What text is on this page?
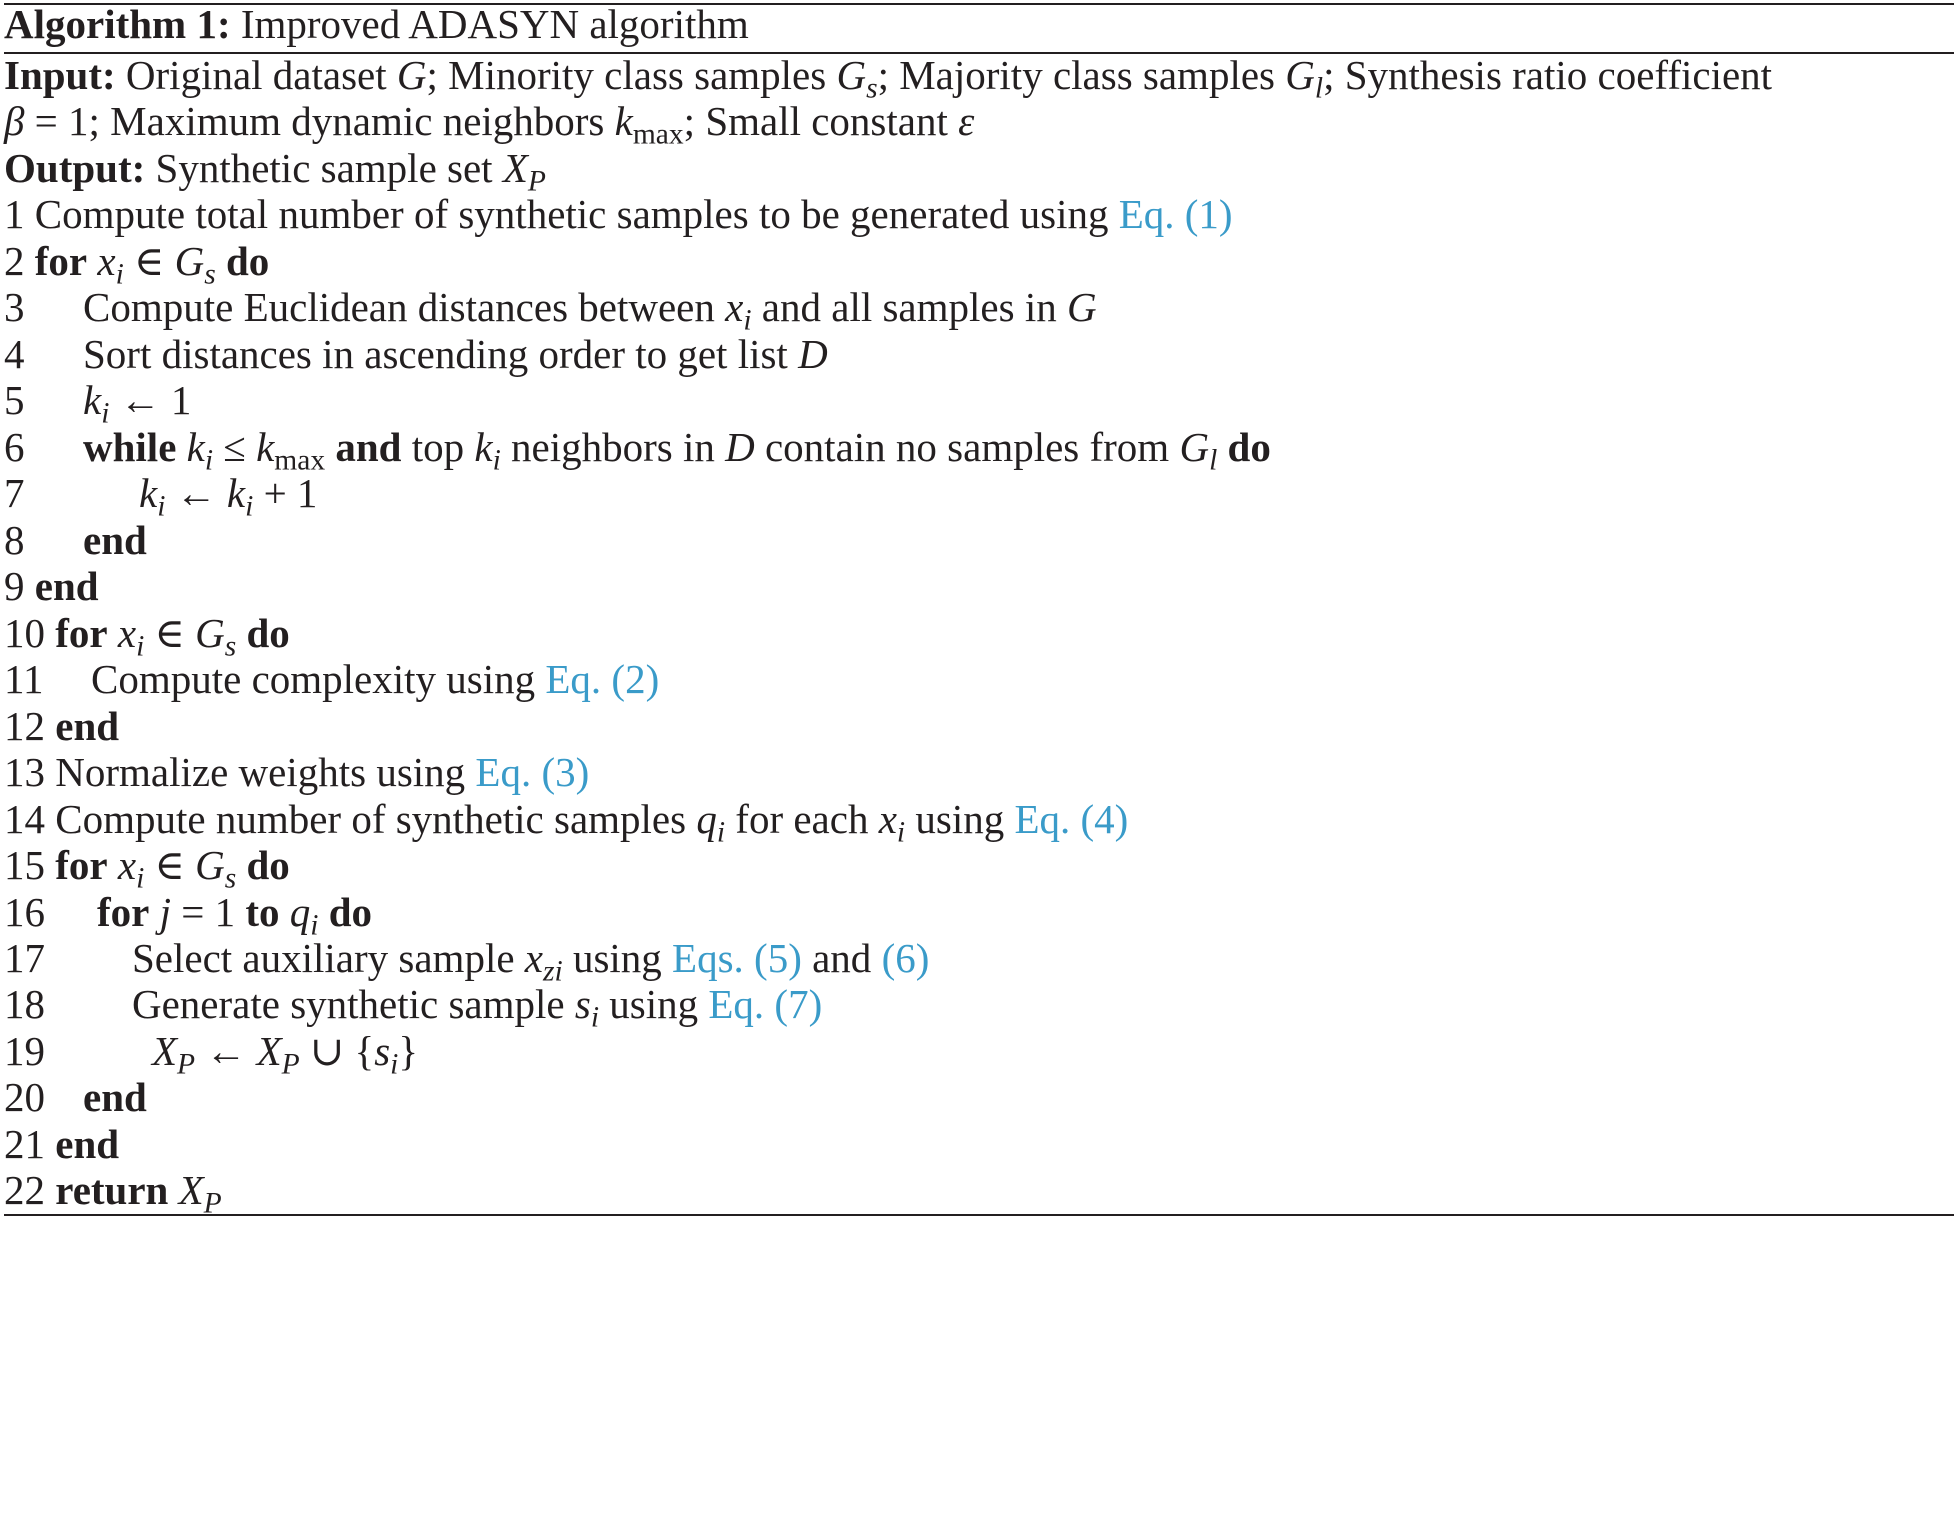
Algorithm 1: Improved ADASYN algorithm
Input: Original dataset G; Minority class samples $G_s$; Majority class samples $G_l$; Synthesis ratio coefficient
β = 1; Maximum dynamic neighbors $k_{max}$; Small constant ε
Output: Synthetic sample set $X_P$
1 Compute total number of synthetic samples to be generated using Eq. (1)
2 for $x_i$ ∈ $G_s$ do
3 Compute Euclidean distances between $x_i$ and all samples in G
4 Sort distances in ascending order to get list D
5 $k_i$ ← 1
6 while $k_i \le k_{max}$ and top $k_i$ neighbors in D contain no samples from $G_l$ do
7	$k_i$ ← $k_i + 1$
8 end
9 end
10 for $x_i$ ∈ $G_s$ do
11 Compute complexity using Eq. (2)
12 end
13 Normalize weights using Eq. (3)
14 Compute number of synthetic samples $q_i$ for each $x_i$ using Eq. (4)
15 for $x_i$ ∈ $G_s$ do
16 for j = 1 to $q_i$ do
17 Select auxiliary sample $x_{zi}$ using Eqs. (5) and (6)
18 Generate synthetic sample $s_i$ using Eq. (7)
19	$X_P$ ← $X_P$ ∪ $\{s_i\}$
20 end
21 end
22 return $X_P$
